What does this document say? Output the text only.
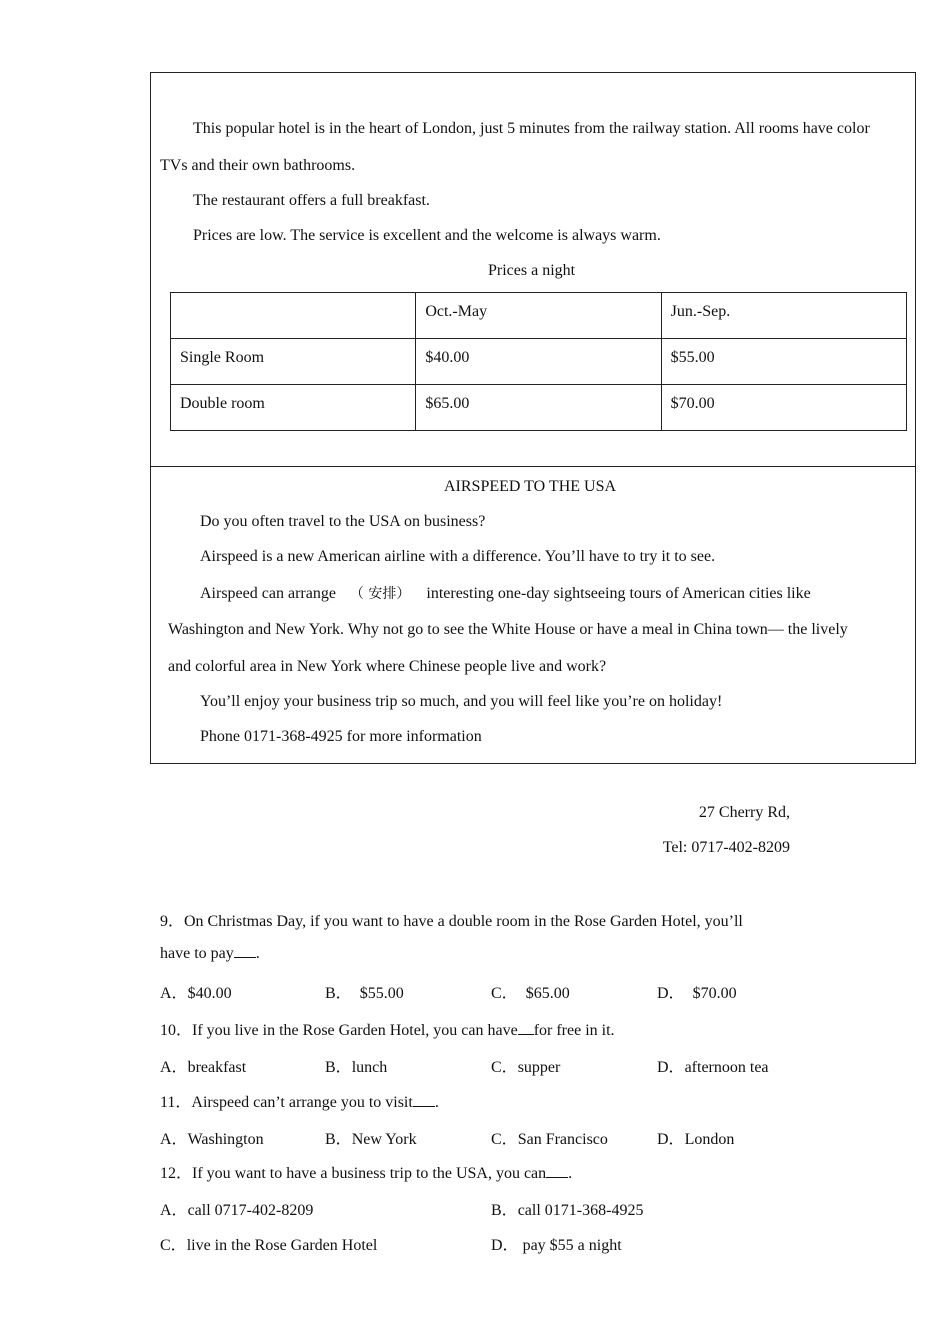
This popular hotel is in the heart of London, just 5 minutes from the railway station. All rooms have color
TVs and their own bathrooms.
The restaurant offers a full breakfast.
Prices are low. The service is excellent and the welcome is always warm.
Prices a night
	Oct.-May	Jun.-Sep.
Single Room	$40.00	$55.00
Double room	$65.00	$70.00
AIRSPEED TO THE USA
Do you often travel to the USA on business?
Airspeed is a new American airline with a difference. You’ll have to try it to see.
Airspeed can arrange （ 安排） interesting one-day sightseeing tours of American cities like
Washington and New York. Why not go to see the White House or have a meal in China town— the lively
and colorful area in New York where Chinese people live and work?
You’ll enjoy your business trip so much, and you will feel like you’re on holiday!
Phone 0171-368-4925 for more information
27 Cherry Rd,
Tel: 0717-402-8209
9．On Christmas Day, if you want to have a double room in the Rose Garden Hotel, you’ll
have to pay .
A．$40.00	B． $55.00	C． $65.00	D． $70.00
10．If you live in the Rose Garden Hotel, you can have for free in it.
A．breakfast	B．lunch	C．supper	D．afternoon tea
11．Airspeed can’t arrange you to visit .
A．Washington	B．New York	C．San Francisco	D．London
12．If you want to have a business trip to the USA, you can .
A．call 0717-402-8209	B．call 0171-368-4925
C．live in the Rose Garden Hotel	D． pay $55 a night
